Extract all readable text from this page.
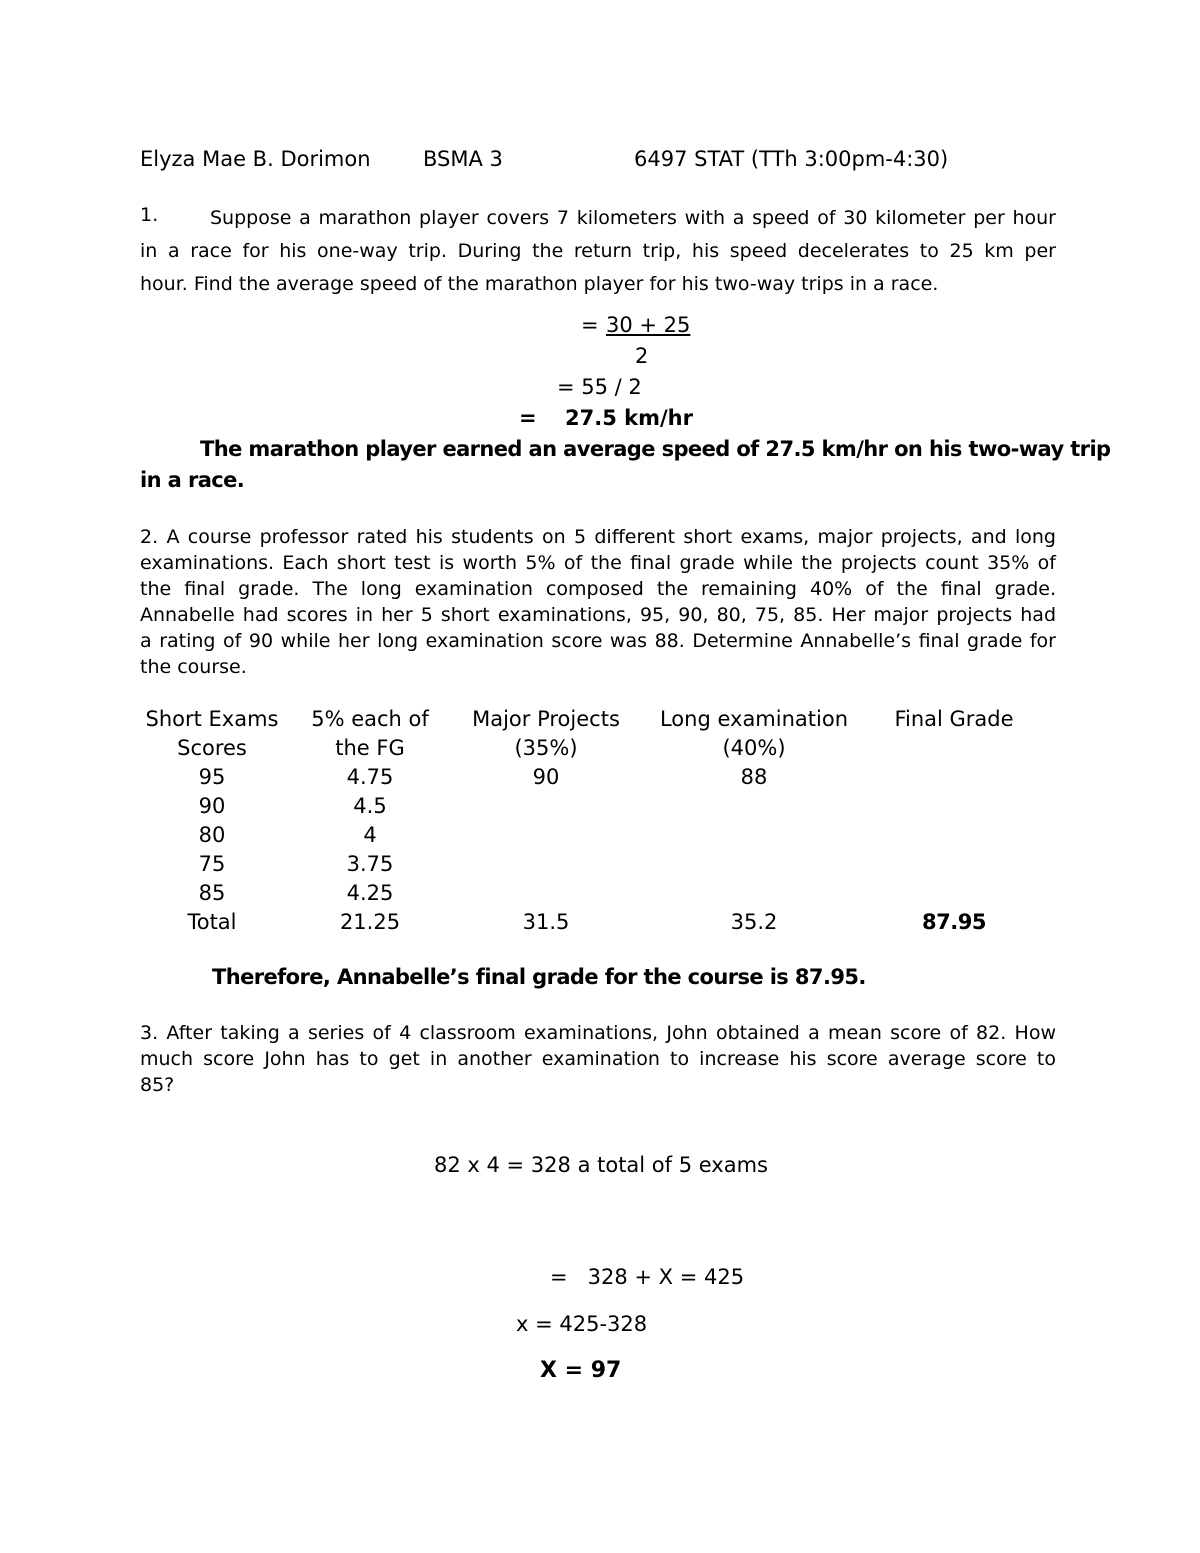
Elyza Mae B. Dorimon BSMA 3	6497 STAT (TTh 3:00pm-4:30)
1.	Suppose a marathon player covers 7 kilometers with a speed of 30 kilometer per hour
in a race for his one-way trip. During the return trip, his speed decelerates to 25 km per
hour. Find the average speed of the marathon player for his two-way trips in a race.
= 30 + 25
2
= 55 / 2
= 27.5 km/hr
The marathon player earned an average speed of 27.5 km/hr on his two-way trip
in a race.
2. A course professor rated his students on 5 different short exams, major projects, and long
examinations. Each short test is worth 5% of the final grade while the projects count 35% of
the final grade. The long examination composed the remaining 40% of the final grade.
Annabelle had scores in her 5 short examinations, 95, 90, 80, 75, 85. Her major projects had
a rating of 90 while her long examination score was 88. Determine Annabelle’s final grade for
the course.
Short Exams
Scores
95
90
80
75
85
Total
5% each of
the FG
4.75
4.5
4
3.75
4.25
21.25
Major Projects
(35%)
90
31.5
Long examination
(40%)
88
35.2
Final Grade
87.95
Therefore, Annabelle’s final grade for the course is 87.95.
3. After taking a series of 4 classroom examinations, John obtained a mean score of 82. How
much score John has to get in another examination to increase his score average score to
85?
82 x 4 = 328 a total of 5 exams
=   328 + X = 425
x = 425-328
X = 97
